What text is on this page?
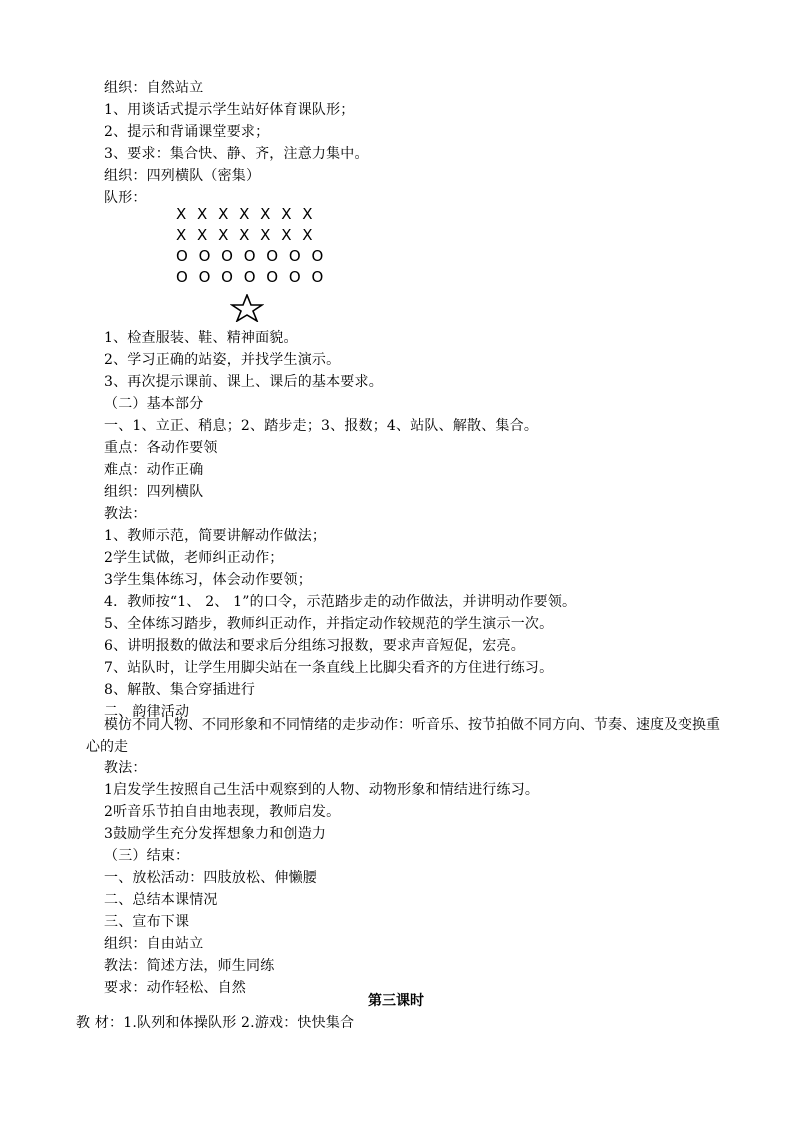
组织：自然站立
1、用谈话式提示学生站好体育课队形；
2、提示和背诵课堂要求；
3、要求：集合快、静、齐，注意力集中。
组织：四列横队（密集）
队形：
X X X X X X X
X X X X X X X
O O O O O O O
O O O O O O O
1、检查服装、鞋、精神面貌。
2、学习正确的站姿，并找学生演示。
3、再次提示课前、课上、课后的基本要求。
（二）基本部分
一、1、立正、稍息；2、踏步走；3、报数；4、站队、解散、集合。
重点：各动作要领
难点：动作正确
组织：四列横队
教法：
1、教师示范，简要讲解动作做法；
2学生试做，老师纠正动作；
3学生集体练习，体会动作要领；
4．教师按“1、 2、 1”的口令，示范踏步走的动作做法，并讲明动作要领。
5、全体练习踏步，教师纠正动作，并指定动作较规范的学生演示一次。
6、讲明报数的做法和要求后分组练习报数，要求声音短促，宏亮。
7、站队时，让学生用脚尖站在一条直线上比脚尖看齐的方住进行练习。
8、解散、集合穿插进行
二、韵律活动
模仿不同人物、不同形象和不同情绪的走步动作：听音乐、按节拍做不同方向、节奏、速度及变换重心的走
教法：
1启发学生按照自己生活中观察到的人物、动物形象和情结进行练习。
2听音乐节拍自由地表现，教师启发。
3鼓励学生充分发挥想象力和创造力
（三）结束：
一、放松活动：四肢放松、伸懒腰
二、总结本课情况
三、宣布下课
组织：自由站立
教法：简述方法，师生同练
要求：动作轻松、自然
第三课时
教 材：1.队列和体操队形 2.游戏：快快集合
